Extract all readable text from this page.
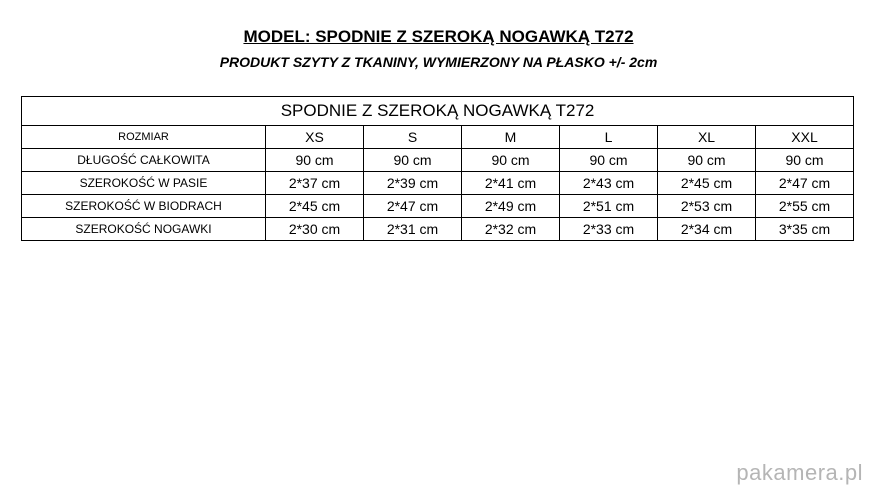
MODEL: SPODNIE Z SZEROKĄ NOGAWKĄ T272
PRODUKT SZYTY Z TKANINY, WYMIERZONY NA PŁASKO +/- 2cm
SPODNIE Z SZEROKĄ NOGAWKĄ T272						
ROZMIAR	XS	S	M	L	XL	XXL
DŁUGOŚĆ CAŁKOWITA	90 cm	90 cm	90 cm	90 cm	90 cm	90 cm
SZEROKOŚĆ W PASIE	2*37 cm	2*39 cm	2*41 cm	2*43 cm	2*45 cm	2*47 cm
SZEROKOŚĆ W BIODRACH	2*45 cm	2*47 cm	2*49 cm	2*51 cm	2*53 cm	2*55 cm
SZEROKOŚĆ NOGAWKI	2*30 cm	2*31 cm	2*32 cm	2*33 cm	2*34 cm	3*35 cm
pakamera.pl
